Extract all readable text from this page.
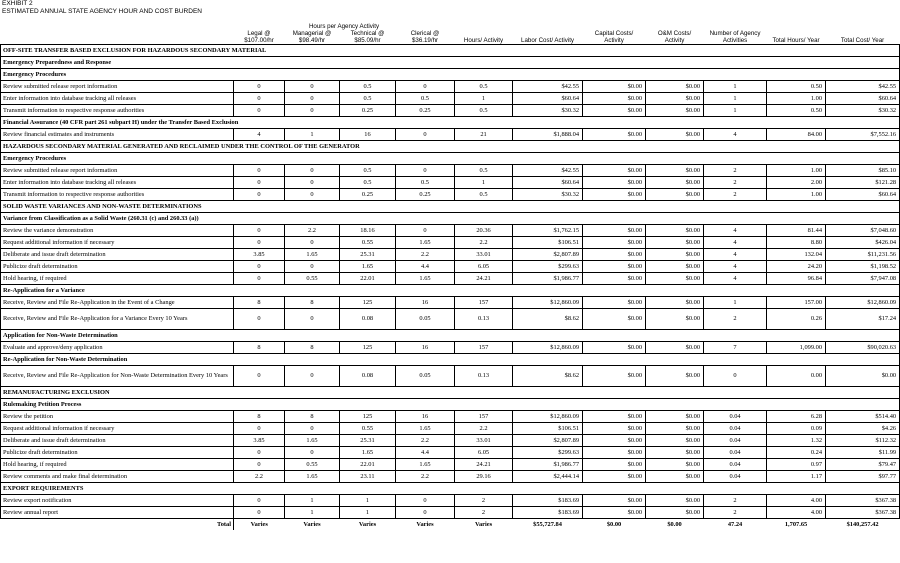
EXHIBIT 2
ESTIMATED ANNUAL STATE AGENCY HOUR AND COST BURDEN
	Hours per Agency Activity										
	Legal @ $107.00/hr	Managerial @ $98.49/hr	Technical @ $85.09/hr	Clerical @ $36.19/hr	Hours/ Activity	Labor Cost/ Activity	Capital Costs/ Activity	O&M Costs/ Activity	Number of Agency Activities	Total Hours/ Year	Total Cost/ Year
OFF-SITE TRANSFER BASED EXCLUSION FOR HAZARDOUS SECONDARY MATERIAL											
Emergency Preparedness and Response											
Emergency Procedures											
Review submitted release report information	0	0	0.5	0	0.5	$42.55	$0.00	$0.00	1	0.50	$42.55
Enter information into database tracking all releases	0	0	0.5	0.5	1	$60.64	$0.00	$0.00	1	1.00	$60.64
Transmit information to respective response authorities	0	0	0.25	0.25	0.5	$30.32	$0.00	$0.00	1	0.50	$30.32
Financial Assurance (40 CFR part 261 subpart H) under the Transfer Based Exclusion											
Review financial estimates and instruments	4	1	16	0	21	$1,888.04	$0.00	$0.00	4	84.00	$7,552.16
HAZARDOUS SECONDARY MATERIAL GENERATED AND RECLAIMED UNDER THE CONTROL OF THE GENERATOR											
Emergency Procedures											
Review submitted release report information	0	0	0.5	0	0.5	$42.55	$0.00	$0.00	2	1.00	$85.10
Enter information into database tracking all releases	0	0	0.5	0.5	1	$60.64	$0.00	$0.00	2	2.00	$121.28
Transmit information to respective response authorities	0	0	0.25	0.25	0.5	$30.32	$0.00	$0.00	2	1.00	$60.64
SOLID WASTE VARIANCES AND NON-WASTE DETERMINATIONS											
Variance from Classification as a Solid Waste (260.31 (c) and 260.33 (a))											
Review the variance demonstration	0	2.2	18.16	0	20.36	$1,762.15	$0.00	$0.00	4	81.44	$7,048.60
Request additional information if necessary	0	0	0.55	1.65	2.2	$106.51	$0.00	$0.00	4	8.80	$426.04
Deliberate and issue draft determination	3.85	1.65	25.31	2.2	33.01	$2,807.89	$0.00	$0.00	4	132.04	$11,231.56
Publicize draft determination	0	0	1.65	4.4	6.05	$299.63	$0.00	$0.00	4	24.20	$1,198.52
Hold hearing, if required	0	0.55	22.01	1.65	24.21	$1,986.77	$0.00	$0.00	4	96.84	$7,947.08
Re-Application for a Variance											
Receive, Review and File Re-Application in the Event of a Change	8	8	125	16	157	$12,860.09	$0.00	$0.00	1	157.00	$12,860.09
Receive, Review and File Re-Application for a Variance Every 10 Years	0	0	0.08	0.05	0.13	$8.62	$0.00	$0.00	2	0.26	$17.24
Application for Non-Waste Determination											
Evaluate and approve/deny application	8	8	125	16	157	$12,860.09	$0.00	$0.00	7	1,099.00	$90,020.63
Re-Application for Non-Waste Determination											
Receive, Review and File Re-Application for Non-Waste Determination Every 10 Years	0	0	0.08	0.05	0.13	$8.62	$0.00	$0.00	0	0.00	$0.00
REMANUFACTURING EXCLUSION											
Rulemaking Petition Process											
Review the petition	8	8	125	16	157	$12,860.09	$0.00	$0.00	0.04	6.28	$514.40
Request additional information if necessary	0	0	0.55	1.65	2.2	$106.51	$0.00	$0.00	0.04	0.09	$4.26
Deliberate and issue draft determination	3.85	1.65	25.31	2.2	33.01	$2,807.89	$0.00	$0.00	0.04	1.32	$112.32
Publicize draft determination	0	0	1.65	4.4	6.05	$299.63	$0.00	$0.00	0.04	0.24	$11.99
Hold hearing, if required	0	0.55	22.01	1.65	24.21	$1,986.77	$0.00	$0.00	0.04	0.97	$79.47
Review comments and make final determination	2.2	1.65	23.11	2.2	29.16	$2,444.14	$0.00	$0.00	0.04	1.17	$97.77
EXPORT REQUIREMENTS											
Review export notification	0	1	1	0	2	$183.69	$0.00	$0.00	2	4.00	$367.38
Review annual report	0	1	1	0	2	$183.69	$0.00	$0.00	2	4.00	$367.38
Total	Varies	Varies	Varies	Varies	Varies	$55,727.84	$0.00	$0.00	47.24	1,707.65	$140,257.42
